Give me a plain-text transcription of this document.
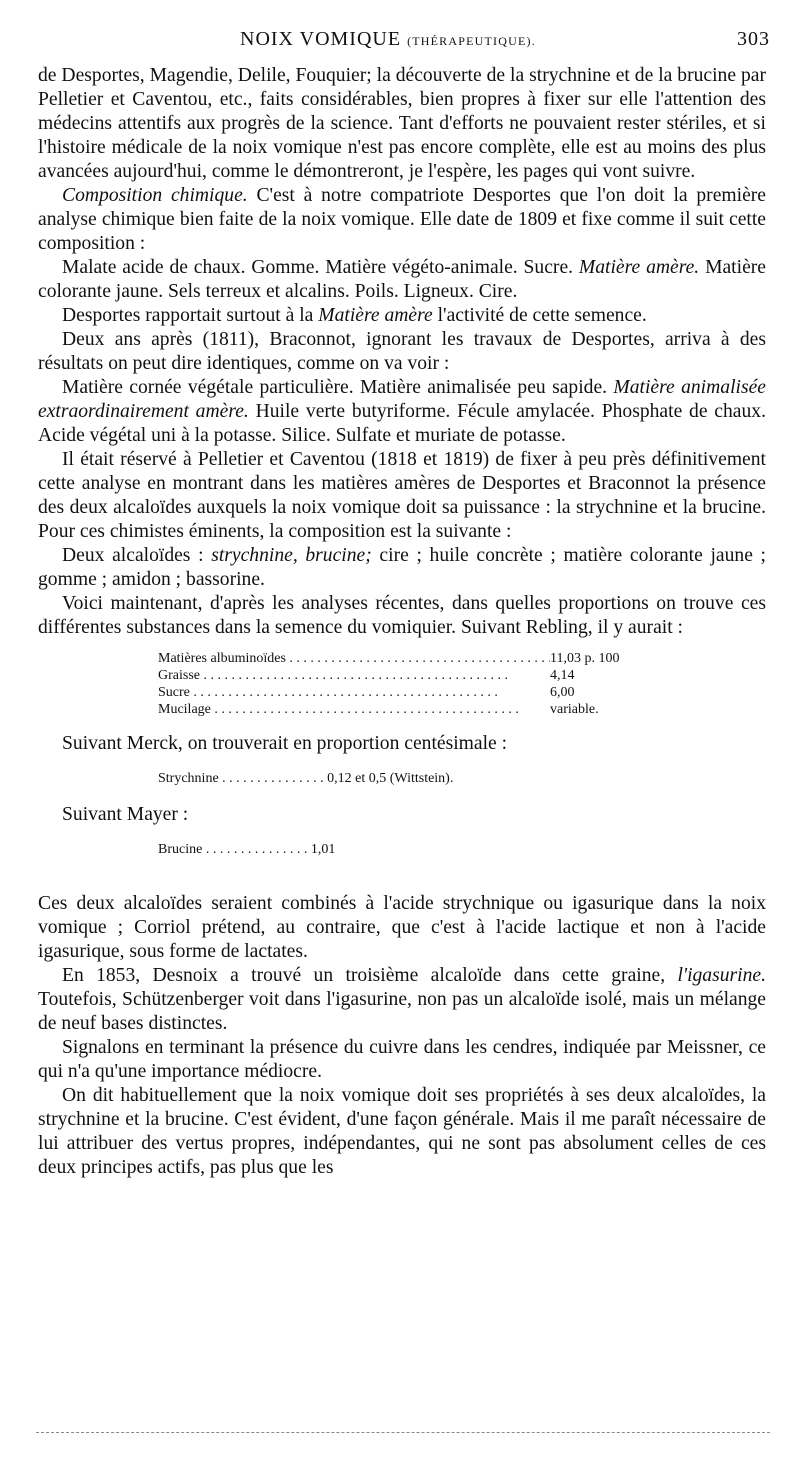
NOIX VOMIQUE (THÉRAPEUTIQUE).	303

de Desportes, Magendie, Delile, Fouquier; la découverte de la strychnine et de la brucine par Pelletier et Caventou, etc., faits considérables, bien propres à fixer sur elle l'attention des médecins attentifs aux progrès de la science. Tant d'efforts ne pouvaient rester stériles, et si l'histoire médicale de la noix vomique n'est pas encore complète, elle est au moins des plus avancées aujourd'hui, comme le démontreront, je l'espère, les pages qui vont suivre.

Composition chimique. C'est à notre compatriote Desportes que l'on doit la première analyse chimique bien faite de la noix vomique. Elle date de 1809 et fixe comme il suit cette composition :

Malate acide de chaux. Gomme. Matière végéto-animale. Sucre. Matière amère. Matière colorante jaune. Sels terreux et alcalins. Poils. Ligneux. Cire.

Desportes rapportait surtout à la Matière amère l'activité de cette semence.

Deux ans après (1811), Braconnot, ignorant les travaux de Desportes, arriva à des résultats on peut dire identiques, comme on va voir :

Matière cornée végétale particulière. Matière animalisée peu sapide. Matière animalisée extraordinairement amère. Huile verte butyriforme. Fécule amylacée. Phosphate de chaux. Acide végétal uni à la potasse. Silice. Sulfate et muriate de potasse.

Il était réservé à Pelletier et Caventou (1818 et 1819) de fixer à peu près définitivement cette analyse en montrant dans les matières amères de Desportes et Braconnot la présence des deux alcaloïdes auxquels la noix vomique doit sa puissance : la strychnine et la brucine. Pour ces chimistes éminents, la composition est la suivante :

Deux alcaloïdes : strychnine, brucine; cire ; huile concrète ; matière colorante jaune ; gomme ; amidon ; bassorine.

Voici maintenant, d'après les analyses récentes, dans quelles proportions on trouve ces différentes substances dans la semence du vomiquier. Suivant Rebling, il y aurait :

Matières albuminoïdes . . .	11,03 p. 100
Graisse . . .	4,14
Sucre . . .	6,00
Mucilage . . .	variable.

Suivant Merck, on trouverait en proportion centésimale :

Strychnine . . . . . . . . . . . . . . . 0,12 et 0,5 (Wittstein).

Suivant Mayer :

Brucine . . . . . . . . . . . . . . . 1,01

Ces deux alcaloïdes seraient combinés à l'acide strychnique ou igasurique dans la noix vomique ; Corriol prétend, au contraire, que c'est à l'acide lactique et non à l'acide igasurique, sous forme de lactates.

En 1853, Desnoix a trouvé un troisième alcaloïde dans cette graine, l'igasurine. Toutefois, Schützenberger voit dans l'igasurine, non pas un alcaloïde isolé, mais un mélange de neuf bases distinctes.

Signalons en terminant la présence du cuivre dans les cendres, indiquée par Meissner, ce qui n'a qu'une importance médiocre.

On dit habituellement que la noix vomique doit ses propriétés à ses deux alcaloïdes, la strychnine et la brucine. C'est évident, d'une façon générale. Mais il me paraît nécessaire de lui attribuer des vertus propres, indépendantes, qui ne sont pas absolument celles de ces deux principes actifs, pas plus que les
